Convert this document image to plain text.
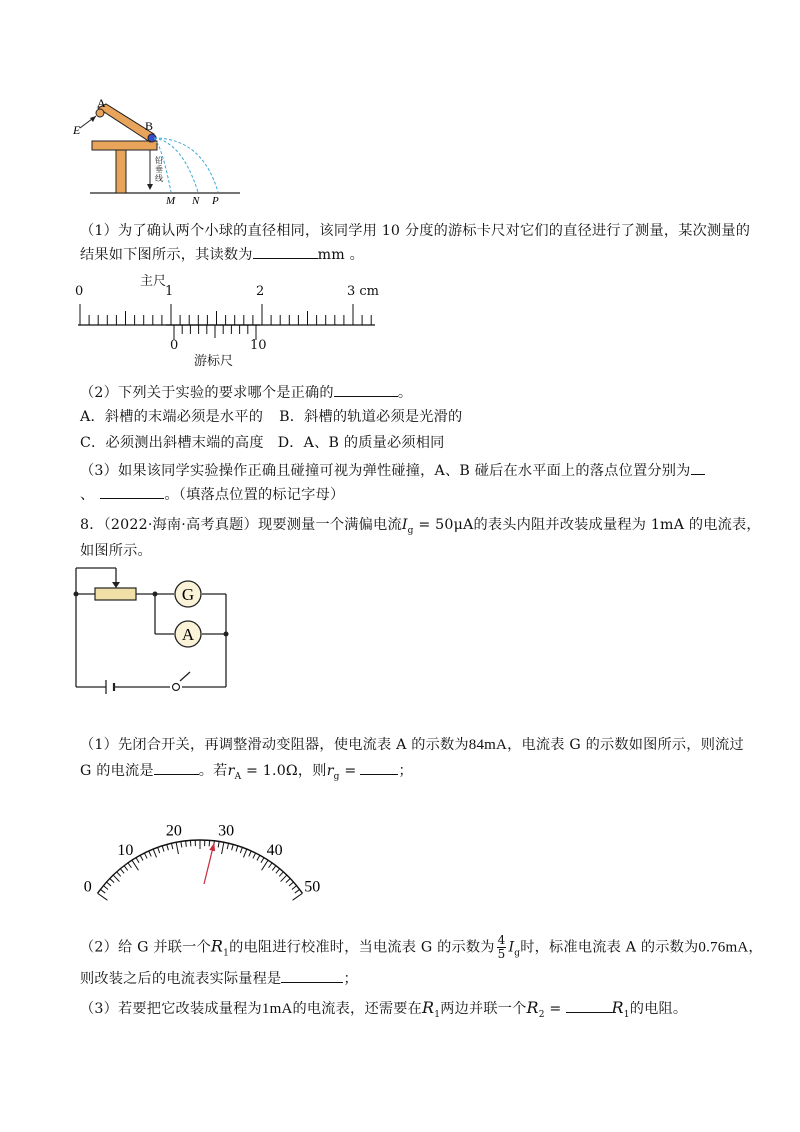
A
B
E
M N P
铅垂线
（1）为了确认两个小球的直径相同，该同学用 10 分度的游标卡尺对它们的直径进行了测量，某次测量的
结果如下图所示，其读数为	mm 。
主尺
0	1	2	3 cm
0	10
游标尺
（2）下列关于实验的要求哪个是正确的	。
A．斜槽的末端必须是水平的 B．斜槽的轨道必须是光滑的
C．必须测出斜槽末端的高度 D．A、B 的质量必须相同
（3）如果该同学实验操作正确且碰撞可视为弹性碰撞，A、B 碰后在水平面上的落点位置分别为
、	。（填落点位置的标记字母）
8．（2022·海南·高考真题）现要测量一个满偏电流$I_g = 50\mu A$的表头内阻并改装成量程为 1mA 的电流表，
如图所示。
G
A
（1）先闭合开关，再调整滑动变阻器，使电流表 A 的示数为84mA，电流表 G 的示数如图所示，则流过
G 的电流是	。若$r_A = 1.0\Omega$，则$r_g$ =	；
0
10
20 30
40
50
（2）给 G 并联一个$R_1$的电阻进行校准时，当电流表 G 的示数为 $\frac{4}{5} I_g$时，标准电流表 A 的示数为0.76mA，
则改装之后的电流表实际量程是	；
（3）若要把它改装成量程为1mA的电流表，还需要在$R_1$两边并联一个$R_2$ =	$R_1$的电阻。
